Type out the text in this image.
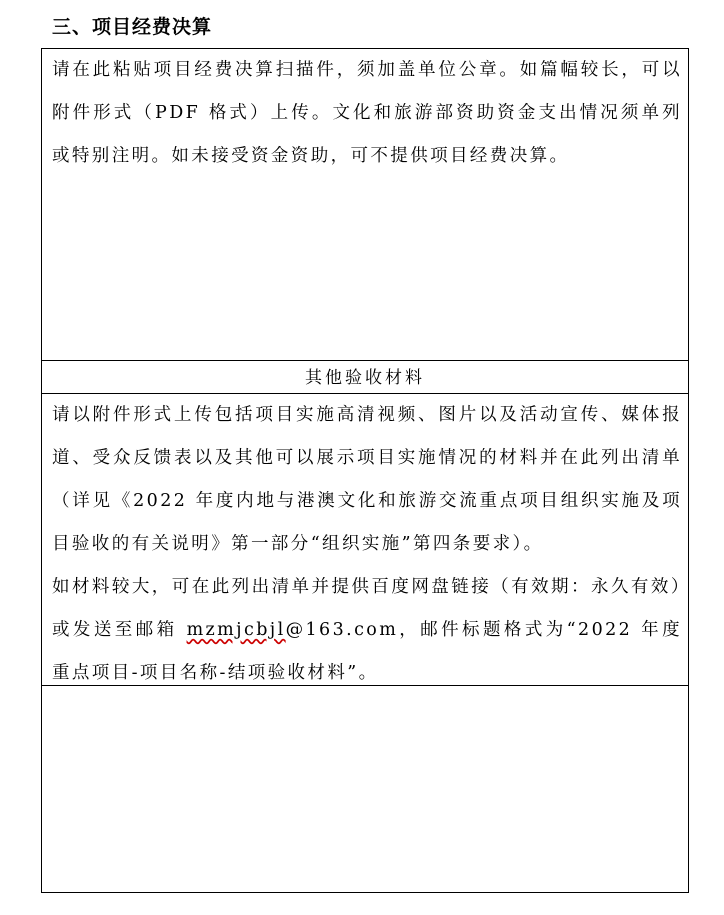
三、项目经费决算

请在此粘贴项目经费决算扫描件，须加盖单位公章。如篇幅较长，可以附件形式（PDF 格式）上传。文化和旅游部资助资金支出情况须单列或特别注明。如未接受资金资助，可不提供项目经费决算。

其他验收材料

请以附件形式上传包括项目实施高清视频、图片以及活动宣传、媒体报道、受众反馈表以及其他可以展示项目实施情况的材料并在此列出清单（详见《2022 年度内地与港澳文化和旅游交流重点项目组织实施及项目验收的有关说明》第一部分“组织实施”第四条要求）。

如材料较大，可在此列出清单并提供百度网盘链接（有效期：永久有效）或发送至邮箱 mzmjcbjl@163.com，邮件标题格式为“2022 年度重点项目-项目名称-结项验收材料”。
